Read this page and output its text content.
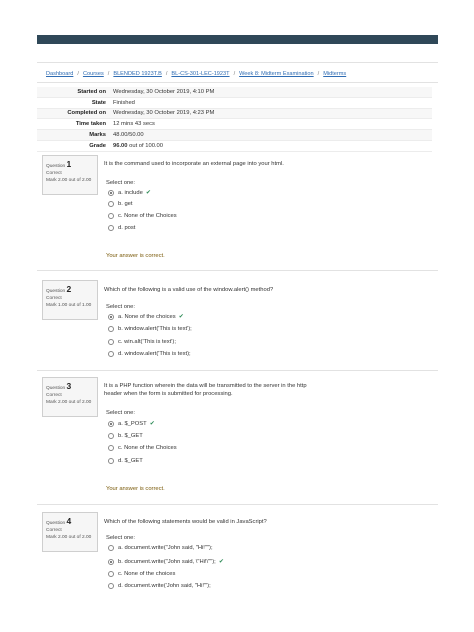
Dashboard / Courses / BLENDED 1923T.B / BL-CS-301-LEC-1923T / Week 8: Midterm Examination / Midterms
Started on	Wednesday, 30 October 2019, 4:10 PM
State	Finished
Completed on	Wednesday, 30 October 2019, 4:23 PM
Time taken	12 mins 43 secs
Marks	48.00/50.00
Grade	96.00 out of 100.00
Question 1
Correct
Mark 2.00 out of 2.00
It is the command used to incorporate an external page into your html.
Select one:
a. include ✔
b. get
c. None of the Choices
d. post
Your answer is correct.
Question 2
Correct
Mark 1.00 out of 1.00
Which of the following is a valid use of the window.alert() method?
Select one:
a. None of the choices ✔
b. window.alert('This is text');
c. win.alt('This is text');
d. window.alert('This is text);
Question 3
Correct
Mark 2.00 out of 2.00
It is a PHP function wherein the data will be transmitted to the server in the http header when the form is submitted for processing.
Select one:
a. $_POST ✔
b. $_GET
c. None of the Choices
d. $_GET
Your answer is correct.
Question 4
Correct
Mark 2.00 out of 2.00
Which of the following statements would be valid in JavaScript?
Select one:
a. document.write("John said, "Hi!"");
b. document.write("John said, \"Hi!\""); ✔
c. None of the choices
d. document.write('John said, "Hi!"');
